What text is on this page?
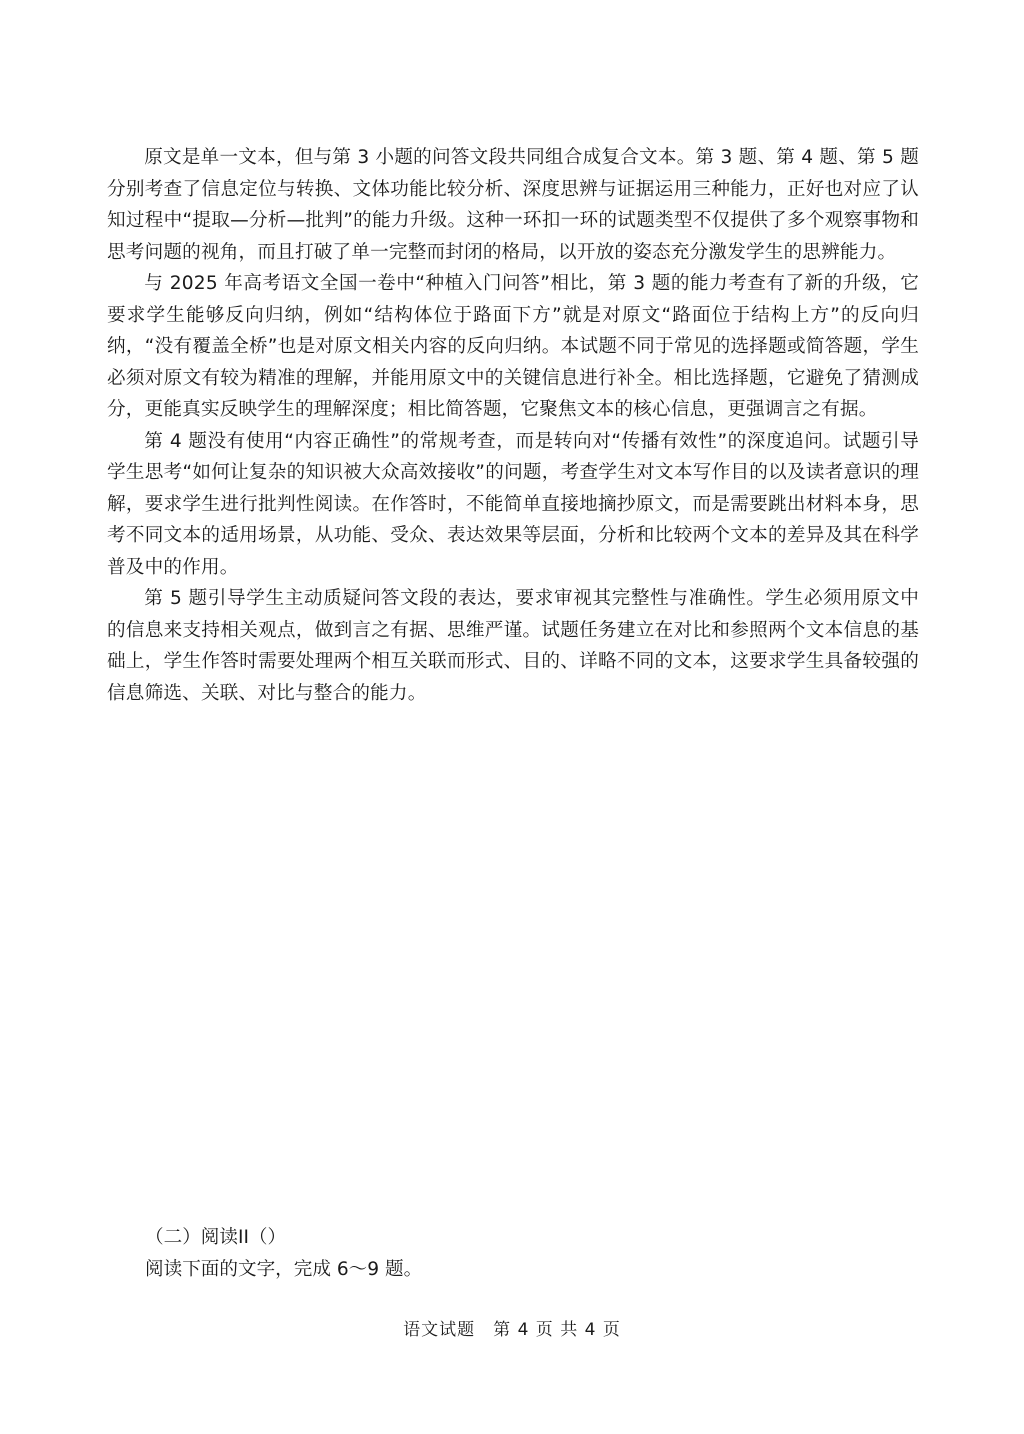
原文是单一文本，但与第 3 小题的问答文段共同组合成复合文本。第 3 题、第 4 题、第 5 题分别考查了信息定位与转换、文体功能比较分析、深度思辨与证据运用三种能力，正好也对应了认知过程中“提取—分析—批判”的能力升级。这种一环扣一环的试题类型不仅提供了多个观察事物和思考问题的视角，而且打破了单一完整而封闭的格局，以开放的姿态充分激发学生的思辨能力。

与 2025 年高考语文全国一卷中“种植入门问答”相比，第 3 题的能力考查有了新的升级，它要求学生能够反向归纳，例如“结构体位于路面下方”就是对原文“路面位于结构上方”的反向归纳，“没有覆盖全桥”也是对原文相关内容的反向归纳。本试题不同于常见的选择题或简答题，学生必须对原文有较为精准的理解，并能用原文中的关键信息进行补全。相比选择题，它避免了猜测成分，更能真实反映学生的理解深度；相比简答题，它聚焦文本的核心信息，更强调言之有据。

第 4 题没有使用“内容正确性”的常规考查，而是转向对“传播有效性”的深度追问。试题引导学生思考“如何让复杂的知识被大众高效接收”的问题，考查学生对文本写作目的以及读者意识的理解，要求学生进行批判性阅读。在作答时，不能简单直接地摘抄原文，而是需要跳出材料本身，思考不同文本的适用场景，从功能、受众、表达效果等层面，分析和比较两个文本的差异及其在科学普及中的作用。

第 5 题引导学生主动质疑问答文段的表达，要求审视其完整性与准确性。学生必须用原文中的信息来支持相关观点，做到言之有据、思维严谨。试题任务建立在对比和参照两个文本信息的基础上，学生作答时需要处理两个相互关联而形式、目的、详略不同的文本，这要求学生具备较强的信息筛选、关联、对比与整合的能力。

（二）阅读II（）

阅读下面的文字，完成 6～9 题。

语文试题　第 4 页 共 4 页
